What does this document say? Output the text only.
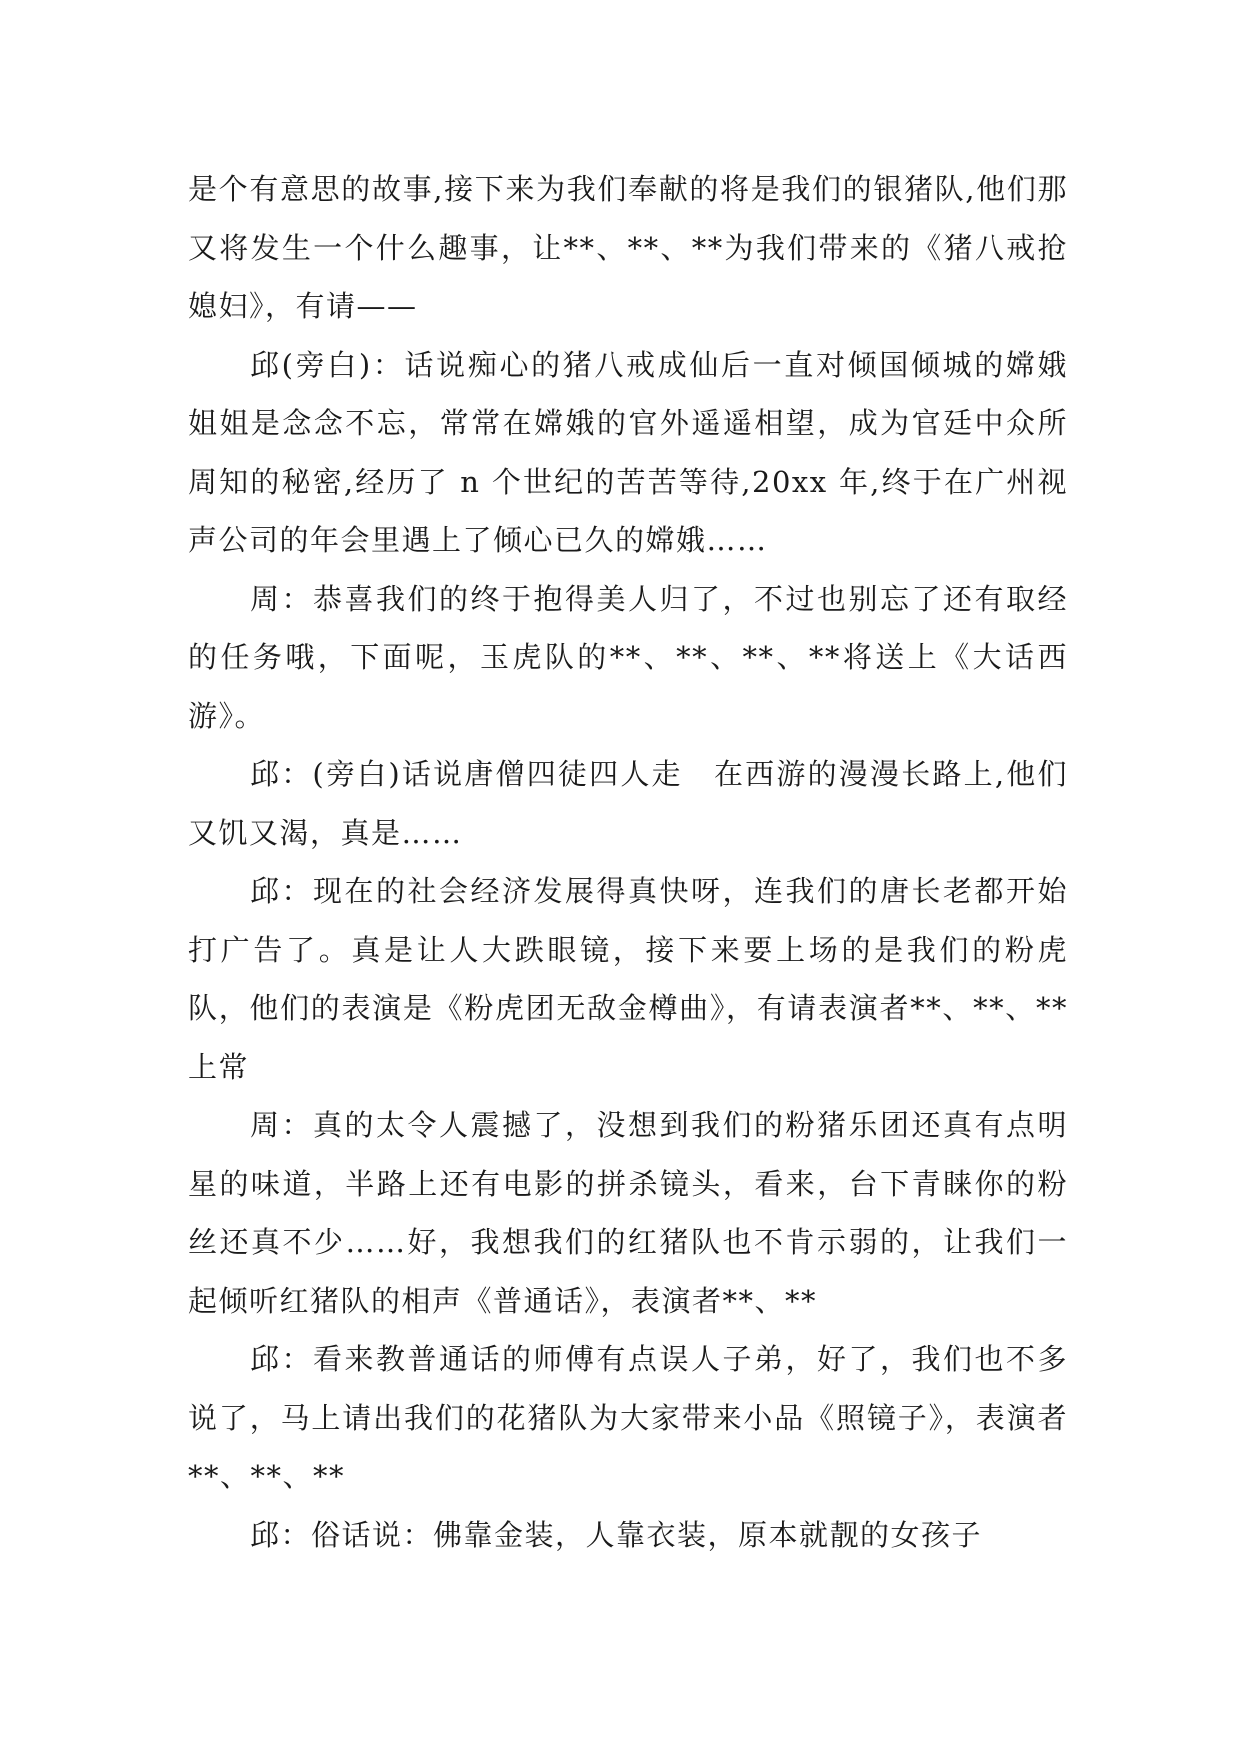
是个有意思的故事,接下来为我们奉献的将是我们的银猪队,他们那又将发生一个什么趣事，让**、**、**为我们带来的《猪八戒抢媳妇》，有请——

邱(旁白)：话说痴心的猪八戒成仙后一直对倾国倾城的嫦娥姐姐是念念不忘，常常在嫦娥的官外遥遥相望，成为官廷中众所周知的秘密,经历了 n 个世纪的苦苦等待,20xx 年,终于在广州视声公司的年会里遇上了倾心已久的嫦娥……

周：恭喜我们的终于抱得美人归了，不过也别忘了还有取经的任务哦，下面呢，玉虎队的**、**、**、**将送上《大话西游》。

邱：(旁白)话说唐僧四徒四人走　在西游的漫漫长路上,他们又饥又渴，真是……

邱：现在的社会经济发展得真快呀，连我们的唐长老都开始打广告了。真是让人大跌眼镜，接下来要上场的是我们的粉虎队，他们的表演是《粉虎团无敌金樽曲》，有请表演者**、**、**上常

周：真的太令人震撼了，没想到我们的粉猪乐团还真有点明星的味道，半路上还有电影的拼杀镜头，看来，台下青睐你的粉丝还真不少……好，我想我们的红猪队也不肯示弱的，让我们一起倾听红猪队的相声《普通话》，表演者**、**

邱：看来教普通话的师傅有点误人子弟，好了，我们也不多说了，马上请出我们的花猪队为大家带来小品《照镜子》，表演者**、**、**

邱：俗话说：佛靠金装，人靠衣装，原本就靓的女孩子
